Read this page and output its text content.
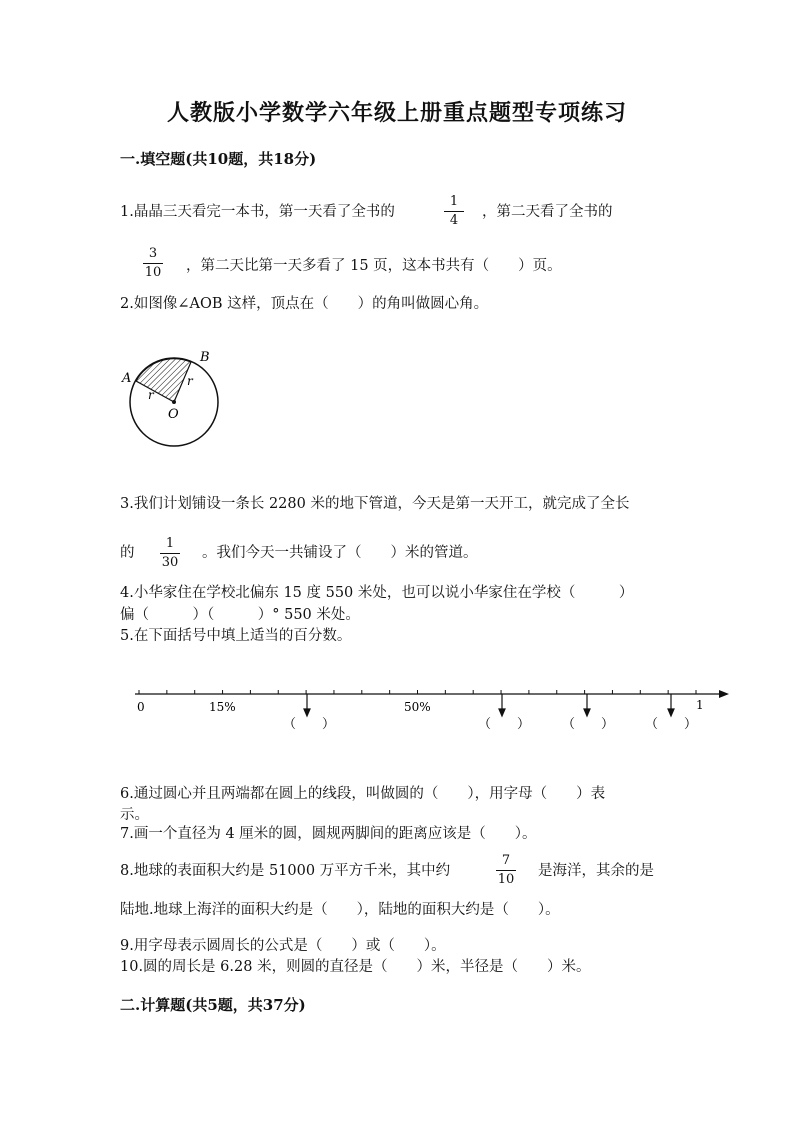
人教版小学数学六年级上册重点题型专项练习
一.填空题(共10题，共18分)
1.晶晶三天看完一本书，第一天看了全书的
1
4
，第二天看了全书的
3
10	，第二天比第一天多看了 15 页，这本书共有（　　）页。
2.如图像∠AOB 这样，顶点在（　　）的角叫做圆心角。
A
B
O
r
r
3.我们计划铺设一条长 2280 米的地下管道，今天是第一天开工，就完成了全长
的
1
30
。我们今天一共铺设了（　　）米的管道。
4.小华家住在学校北偏东 15 度 550 米处，也可以说小华家住在学校（　　　）
偏（　　　）（　　　）° 550 米处。
5.在下面括号中填上适当的百分数。
0	15%	50%	1
（　　）	（　　） （　　） （　　）
6.通过圆心并且两端都在圆上的线段，叫做圆的（　　），用字母（　　）表
示。
7.画一个直径为 4 厘米的圆，圆规两脚间的距离应该是（　　）。
8.地球的表面积大约是 51000 万平方千米，其中约
7
10
是海洋，其余的是
陆地.地球上海洋的面积大约是（　　），陆地的面积大约是（　　）。
9.用字母表示圆周长的公式是（　　）或（　　）。
10.圆的周长是 6.28 米，则圆的直径是（　　）米，半径是（　　）米。
二.计算题(共5题，共37分)
